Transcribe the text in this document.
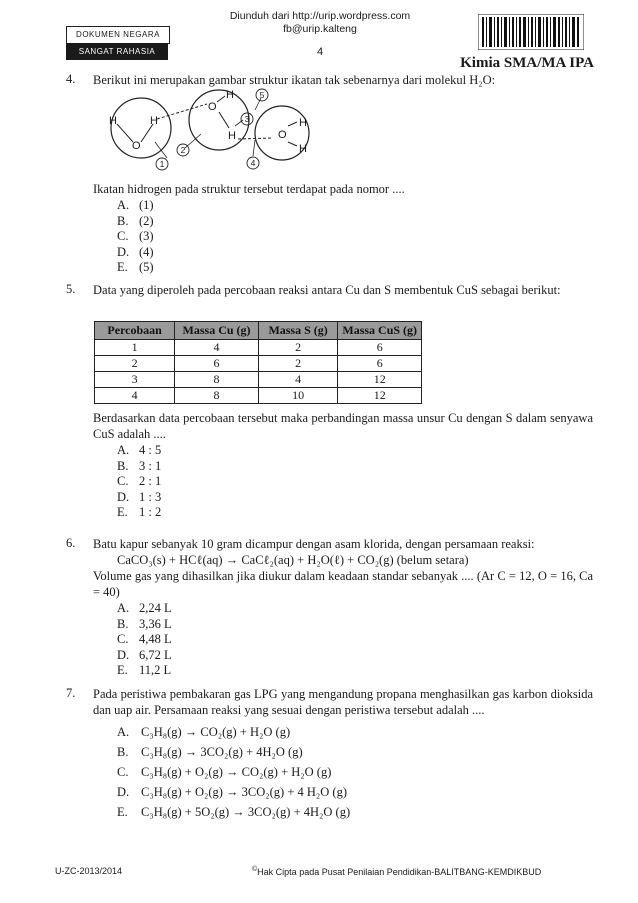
DOKUMEN NEGARA
SANGAT RAHASIA
Diunduh dari http://urip.wordpress.com
fb@urip.kalteng
4
Kimia SMA/MA IPA
4. Berikut ini merupakan gambar struktur ikatan tak sebenarnya dari molekul H₂O:
H	H
O
O
H
H	O
H
H
1
2
3
4
5
Ikatan hidrogen pada struktur tersebut terdapat pada nomor ....
A. (1)
B. (2)
C. (3)
D. (4)
E. (5)
5. Data yang diperoleh pada percobaan reaksi antara Cu dan S membentuk CuS sebagai berikut:
Percobaan	Massa Cu (g)	Massa S (g)	Massa CuS (g)
1	4	2	6
2	6	2	6
3	8	4	12
4	8	10	12
Berdasarkan data percobaan tersebut maka perbandingan massa unsur Cu dengan S dalam senyawa CuS adalah ....
A. 4 : 5
B. 3 : 1
C. 2 : 1
D. 1 : 3
E. 1 : 2
6. Batu kapur sebanyak 10 gram dicampur dengan asam klorida, dengan persamaan reaksi:
CaCO₃(s) + HCℓ(aq) → CaCℓ₂(aq) + H₂O(ℓ) + CO₂(g) (belum setara)
Volume gas yang dihasilkan jika diukur dalam keadaan standar sebanyak .... (Ar C = 12, O = 16, Ca = 40)
A. 2,24 L
B. 3,36 L
C. 4,48 L
D. 6,72 L
E. 11,2 L
7. Pada peristiwa pembakaran gas LPG yang mengandung propana menghasilkan gas karbon dioksida dan uap air. Persamaan reaksi yang sesuai dengan peristiwa tersebut adalah ....
A. C₃H₈(g) → CO₂(g) + H₂O (g)
B. C₃H₈(g) → 3CO₂(g) + 4H₂O (g)
C. C₃H₈(g) + O₂(g) → CO₂(g) + H₂O (g)
D. C₃H₈(g) + O₂(g) → 3CO₂(g) + 4 H₂O (g)
E. C₃H₈(g) + 5O₂(g) → 3CO₂(g) + 4H₂O (g)
U-ZC-2013/2014	©Hak Cipta pada Pusat Penilaian Pendidikan-BALITBANG-KEMDIKBUD
